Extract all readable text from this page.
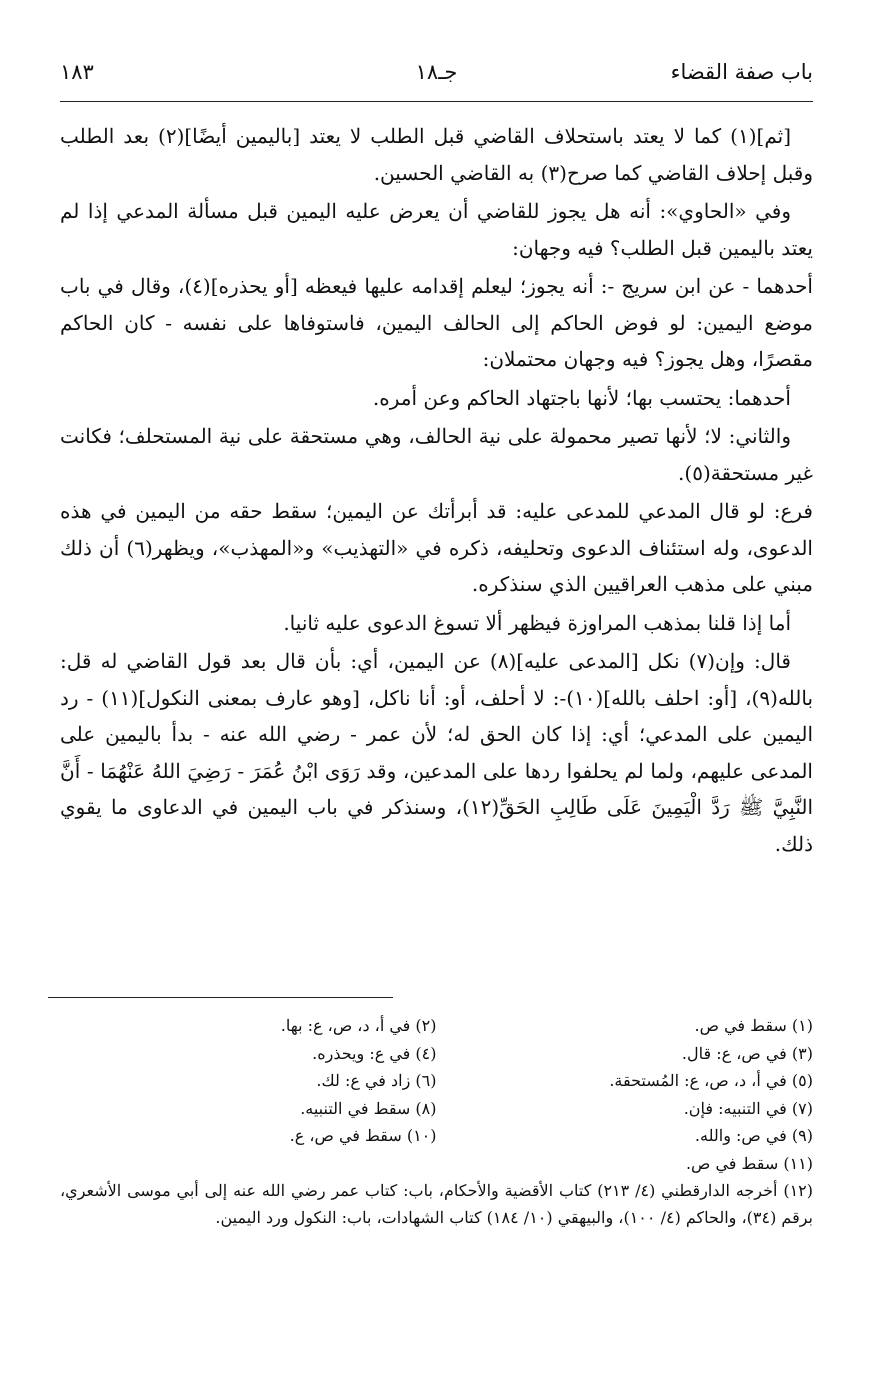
باب صفة القضاء
جـ١٨
١٨٣

[ثم](١) كما لا يعتد باستحلاف القاضي قبل الطلب لا يعتد [باليمين أيضًا](٢) بعد الطلب وقبل إحلاف القاضي كما صرح(٣) به القاضي الحسين.

وفي «الحاوي»: أنه هل يجوز للقاضي أن يعرض عليه اليمين قبل مسألة المدعي إذا لم يعتد باليمين قبل الطلب؟ فيه وجهان:

أحدهما - عن ابن سريج -: أنه يجوز؛ ليعلم إقدامه عليها فيعظه [أو يحذره](٤)، وقال في باب موضع اليمين: لو فوض الحاكم إلى الحالف اليمين، فاستوفاها على نفسه - كان الحاكم مقصرًا، وهل يجوز؟ فيه وجهان محتملان:

أحدهما: يحتسب بها؛ لأنها باجتهاد الحاكم وعن أمره.

والثاني: لا؛ لأنها تصير محمولة على نية الحالف، وهي مستحقة على نية المستحلف؛ فكانت غير مستحقة(٥).

فرع: لو قال المدعي للمدعى عليه: قد أبرأتك عن اليمين؛ سقط حقه من اليمين في هذه الدعوى، وله استئناف الدعوى وتحليفه، ذكره في «التهذيب» و«المهذب»، ويظهر(٦) أن ذلك مبني على مذهب العراقيين الذي سنذكره.

أما إذا قلنا بمذهب المراوزة فيظهر ألا تسوغ الدعوى عليه ثانيا.

قال: وإن(٧) نكل [المدعى عليه](٨) عن اليمين، أي: بأن قال بعد قول القاضي له قل: بالله(٩)، [أو: احلف بالله](١٠)-: لا أحلف، أو: أنا ناكل، [وهو عارف بمعنى النكول](١١) - رد اليمين على المدعي؛ أي: إذا كان الحق له؛ لأن عمر - رضي الله عنه - بدأ باليمين على المدعى عليهم، ولما لم يحلفوا ردها على المدعين، وقد رَوَى ابْنُ عُمَرَ - رَضِيَ اللهُ عَنْهُمَا - أَنَّ النَّبِيَّ ﷺ رَدَّ الْيَمِينَ عَلَى طَالِبِ الحَقِّ(١٢)، وسنذكر في باب اليمين في الدعاوى ما يقوي ذلك.

(١) سقط في ص.
(٣) في ص، ع: قال.
(٥) في أ، د، ص، ع: المُستحقة.
(٧) في التنبيه: فإن.
(٩) في ص: والله.
(٢) في أ، د، ص، ع: بها.
(٤) في ع: ويحذره.
(٦) زاد في ع: لك.
(٨) سقط في التنبيه.
(١٠) سقط في ص، ع.
(١١) سقط في ص.
(١٢) أخرجه الدارقطني (٤/ ٢١٣) كتاب الأقضية والأحكام، باب: كتاب عمر رضي الله عنه إلى أبي موسى الأشعري، برقم (٣٤)، والحاكم (٤/ ١٠٠)، والبيهقي (١٠/ ١٨٤) كتاب الشهادات، باب: النكول ورد اليمين.
